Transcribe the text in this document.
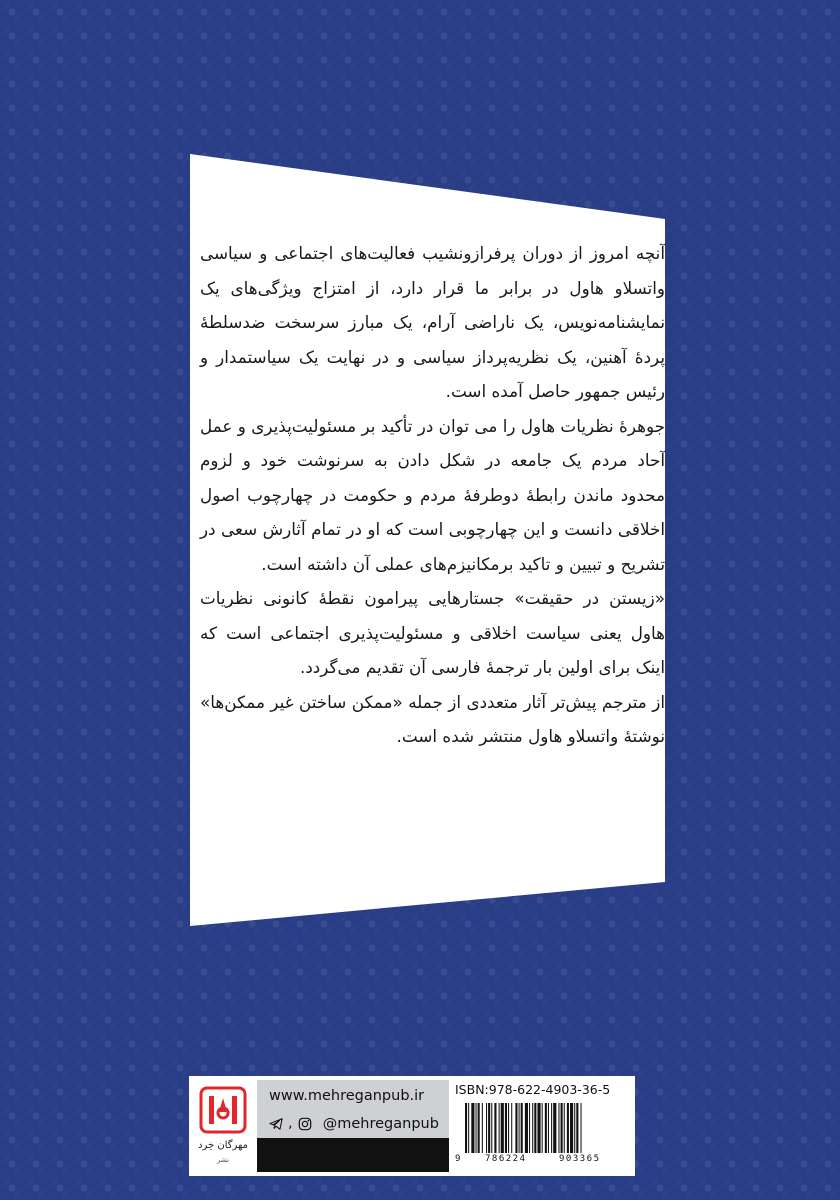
آنچه امروز از دوران پرفرازونشیب فعالیت‌های اجتماعی و سیاسی واتسلاو هاول در برابر ما قرار دارد، از امتزاج ویژگی‌های یک نمایشنامه‌نویس، یک ناراضی آرام، یک مبارز سرسخت ضدسلطهٔ پردهٔ آهنین، یک نظریه‌پرداز سیاسی و در نهایت یک سیاستمدار و رئیس جمهور حاصل آمده است.

جوهرهٔ نظریات هاول را می توان در تأکید بر مسئولیت‌پذیری و عمل آحاد مردم یک جامعه در شکل دادن به سرنوشت خود و لزوم محدود ماندن رابطهٔ دوطرفهٔ مردم و حکومت در چهارچوب اصول اخلاقی دانست و این چهارچوبی است که او در تمام آثارش سعی در تشریح و تبیین و تاکید برمکانیزم‌های عملی آن داشته است.

«زیستن در حقیقت» جستارهایی پیرامون نقطهٔ کانونی نظریات هاول یعنی سیاست اخلاقی و مسئولیت‌پذیری اجتماعی است که اینک برای اولین بار ترجمهٔ فارسی آن تقدیم می‌گردد.

از مترجم پیش‌تر آثار متعددی از جمله «ممکن ساختن غیر ممکن‌ها» نوشتهٔ واتسلاو هاول منتشر شده است.

مهرگان خِرد
نشر
www.mehreganpub.ir
, @mehreganpub
ISBN:978-622-4903-36-5
9	786224	903365
